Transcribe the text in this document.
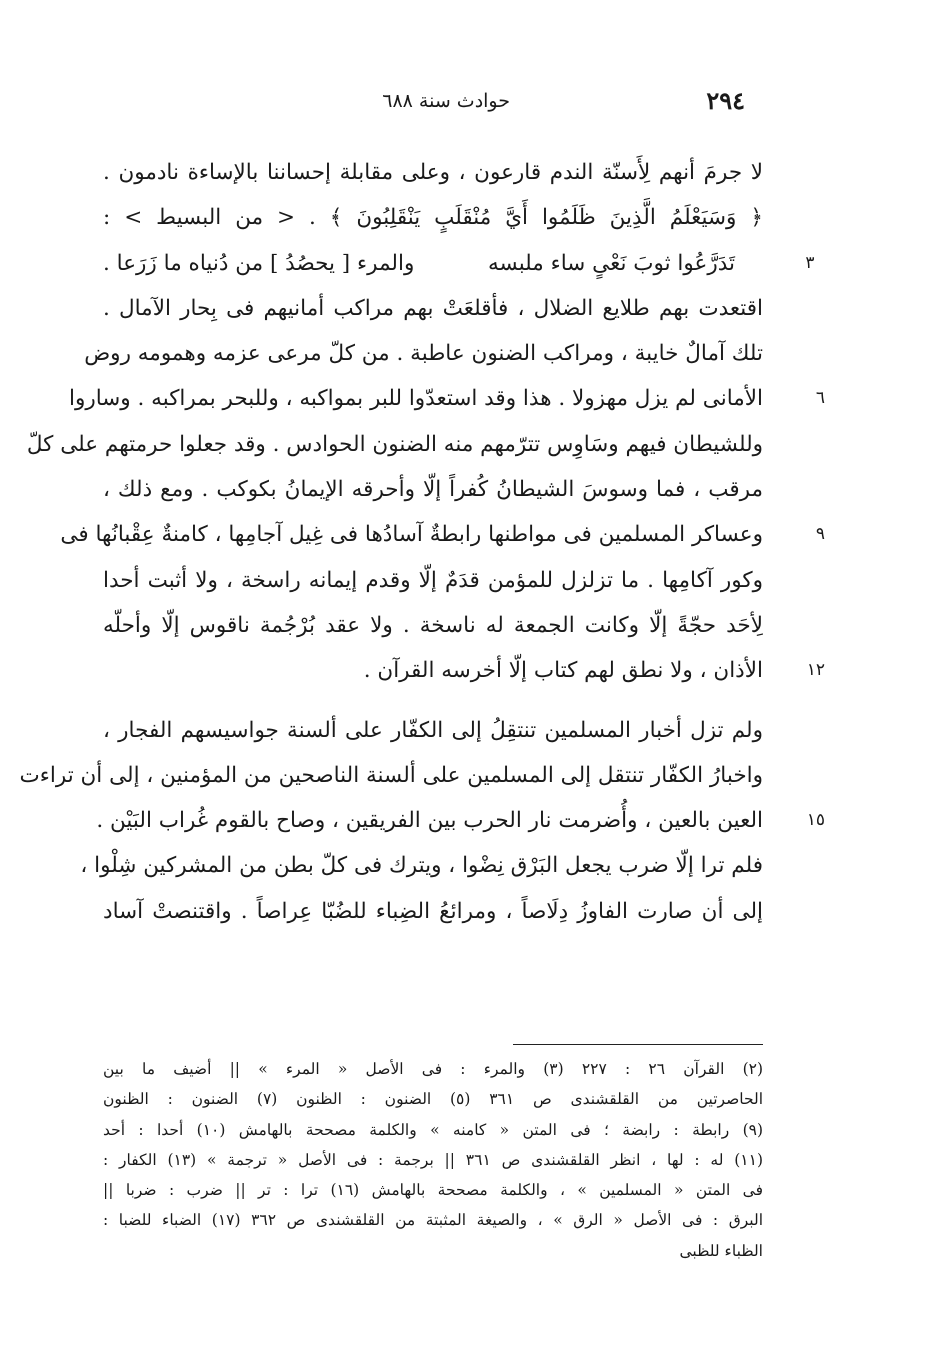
٢٩٤
حوادث سنة ٦٨٨
لا جرمَ أنهم لِأَسنّة الندم قارعون ، وعلى مقابلة إحساننا بالإساءة نادمون .
﴿ وَسَيَعْلَمُ الَّذِينَ ظَلَمُوا أَيَّ مُنْقَلَبٍ يَنْقَلِبُونَ ﴾ . < من البسيط > :
تَدَرَّعُوا ثوبَ نَعْىٍ ساء ملبسه
والمرء [ يحصُدُ ] من دُنياه ما زَرَعا .	٣
اقتعدت بهم طلايع الضلال ، فأقلعَتْ بهم مراكب أمانيهم فى بِحار الآمال .
تلك آمالٌ خايبة ، ومراكب الضنون عاطبة . من كلّ مرعى عزمه وهمومه روض
الأمانى لم يزل مهزولا . هذا وقد استعدّوا للبر بمواكبه ، وللبحر بمراكبه . وساروا	٦
وللشيطان فيهم وسَاوِس تترّمهم منه الضنون الحوادس . وقد جعلوا حرمتهم على كلّ
مرقب ، فما وسوسَ الشيطانُ كُفراً إلّا وأحرقه الإيمانُ بكوكب . ومع ذلك ،
وعساكر المسلمين فى مواطنها رابطةٌ آسادُها فى غِيل آجامِها ، كامنةٌ عِقْبانُها فى	٩
وكور آكامِها . ما تزلزل للمؤمن قدَمٌ إلّا وقدم إيمانه راسخة ، ولا أثبت أحدا
لِأحَد حجّةً إلّا وكانت الجمعة له ناسخة . ولا عقد بُرْجُمة ناقوس إلّا وأحلّه
الأذان ، ولا نطق لهم كتاب إلّا أخرسه القرآن .	١٢
ولم تزل أخبار المسلمين تنتقِلُ إلى الكفّار على ألسنة جواسيسهم الفجار ،
واخبارُ الكفّار تنتقل إلى المسلمين على ألسنة الناصحين من المؤمنين ، إلى أن تراءت
العين بالعين ، وأُضرمت نار الحرب بين الفريقين ، وصاح بالقوم غُراب البَيْن .	١٥
فلم ترا إلّا ضرب يجعل البَرْق نِضْوا ، ويترك فى كلّ بطن من المشركين شِلْوا ،
إلى أن صارت الفاوزُ دِلَاصاً ، ومرائعُ الضِباء للضُبّا عِراصاً . واقتنصتْ آساد
(٢) القرآن ٢٦ : ٢٢٧ (٣) والمرء : فى الأصل « المرء » || أضيف ما بين
الحاصرتين من القلقشندى ص ٣٦١ (٥) الضنون : الظنون (٧) الضنون : الظنون
(٩) رابطة : رابضة ؛ فى المتن « كامنه » والكلمة مصححة بالهامش (١٠) أحدا : أحد
(١١) له : لها ، انظر القلقشندى ص ٣٦١ || برجمة : فى الأصل « ترجمة » (١٣) الكفار :
فى المتن « المسلمين » ، والكلمة مصححة بالهامش (١٦) ترا : تر || ضرب : ضربا ||
البرق : فى الأصل « الرق » ، والصيغة المثبتة من القلقشندى ص ٣٦٢ (١٧) الضباء للضبا :
الظباء للظبى
